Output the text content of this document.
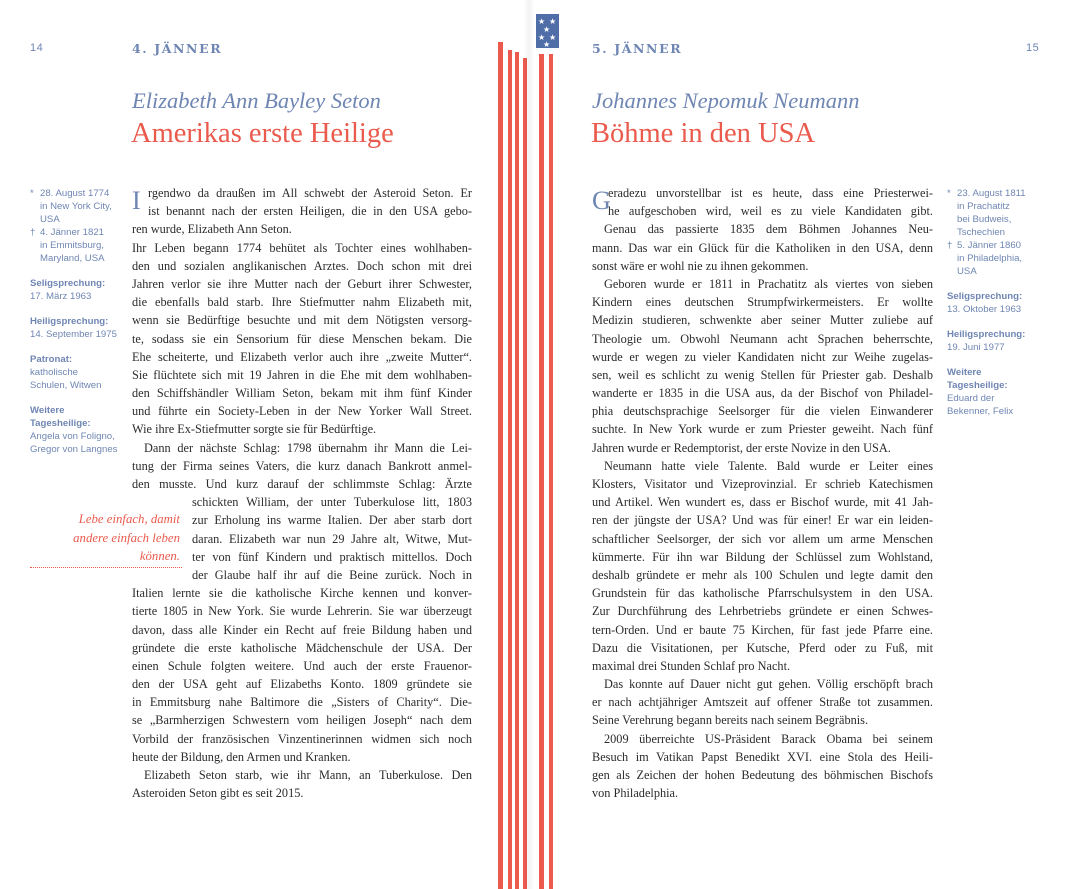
★ ★
★
★ ★
★
14	4. JÄNNER
Elizabeth Ann Bayley Seton
Amerikas erste Heilige
* 28. August 1774
in New York City,
USA
† 4. Jänner 1821
in Emmitsburg,
Maryland, USA
Seligsprechung:
17. März 1963
Heiligsprechung:
14. September 1975
Patronat:
katholische
Schulen, Witwen
Weitere
Tagesheilige:
Angela von Foligno,
Gregor von Langnes
I rgendwo da draußen im All schwebt der Asteroid Seton. Er
ist benannt nach der ersten Heiligen, die in den USA gebo-
ren wurde, Elizabeth Ann Seton.
Ihr Leben begann 1774 behütet als Tochter eines wohlhaben-
den und sozialen anglikanischen Arztes. Doch schon mit drei
Jahren verlor sie ihre Mutter nach der Geburt ihrer Schwester,
die ebenfalls bald starb. Ihre Stiefmutter nahm Elizabeth mit,
wenn sie Bedürftige besuchte und mit dem Nötigsten versorg-
te, sodass sie ein Sensorium für diese Menschen bekam. Die
Ehe scheiterte, und Elizabeth verlor auch ihre „zweite Mutter“.
Sie flüchtete sich mit 19 Jahren in die Ehe mit dem wohlhaben-
den Schiffshändler William Seton, bekam mit ihm fünf Kinder
und führte ein Society-Leben in der New Yorker Wall Street.
Wie ihre Ex-Stiefmutter sorgte sie für Bedürftige.
Dann der nächste Schlag: 1798 übernahm ihr Mann die Lei-
tung der Firma seines Vaters, die kurz danach Bankrott anmel-
den musste. Und kurz darauf der schlimmste Schlag: Ärzte
schickten William, der unter Tuberkulose litt, 1803
zur Erholung ins warme Italien. Der aber starb dort
daran. Elizabeth war nun 29 Jahre alt, Witwe, Mut-
ter von fünf Kindern und praktisch mittellos. Doch
der Glaube half ihr auf die Beine zurück. Noch in
Italien lernte sie die katholische Kirche kennen und konver-
tierte 1805 in New York. Sie wurde Lehrerin. Sie war überzeugt
davon, dass alle Kinder ein Recht auf freie Bildung haben und
gründete die erste katholische Mädchenschule der USA. Der
einen Schule folgten weitere. Und auch der erste Frauenor-
den der USA geht auf Elizabeths Konto. 1809 gründete sie
in Emmitsburg nahe Baltimore die „Sisters of Charity“. Die-
se „Barmherzigen Schwestern vom heiligen Joseph“ nach dem
Vorbild der französischen Vinzentinerinnen widmen sich noch
heute der Bildung, den Armen und Kranken.
Elizabeth Seton starb, wie ihr Mann, an Tuberkulose. Den
Asteroiden Seton gibt es seit 2015.
Lebe einfach, damit
andere einfach leben
können.
5. JÄNNER	15
Johannes Nepomuk Neumann
Böhme in den USA
G
eradezu unvorstellbar ist es heute, dass eine Priesterwei-
he aufgeschoben wird, weil es zu viele Kandidaten gibt.
Genau das passierte 1835 dem Böhmen Johannes Neu-
mann. Das war ein Glück für die Katholiken in den USA, denn
sonst wäre er wohl nie zu ihnen gekommen.
Geboren wurde er 1811 in Prachatitz als viertes von sieben
Kindern eines deutschen Strumpfwirkermeisters. Er wollte
Medizin studieren, schwenkte aber seiner Mutter zuliebe auf
Theologie um. Obwohl Neumann acht Sprachen beherrschte,
wurde er wegen zu vieler Kandidaten nicht zur Weihe zugelas-
sen, weil es schlicht zu wenig Stellen für Priester gab. Deshalb
wanderte er 1835 in die USA aus, da der Bischof von Philadel-
phia deutschsprachige Seelsorger für die vielen Einwanderer
suchte. In New York wurde er zum Priester geweiht. Nach fünf
Jahren wurde er Redemptorist, der erste Novize in den USA.
Neumann hatte viele Talente. Bald wurde er Leiter eines
Klosters, Visitator und Vizeprovinzial. Er schrieb Katechismen
und Artikel. Wen wundert es, dass er Bischof wurde, mit 41 Jah-
ren der jüngste der USA? Und was für einer! Er war ein leiden-
schaftlicher Seelsorger, der sich vor allem um arme Menschen
kümmerte. Für ihn war Bildung der Schlüssel zum Wohlstand,
deshalb gründete er mehr als 100 Schulen und legte damit den
Grundstein für das katholische Pfarrschulsystem in den USA.
Zur Durchführung des Lehrbetriebs gründete er einen Schwes-
tern-Orden. Und er baute 75 Kirchen, für fast jede Pfarre eine.
Dazu die Visitationen, per Kutsche, Pferd oder zu Fuß, mit
maximal drei Stunden Schlaf pro Nacht.
Das konnte auf Dauer nicht gut gehen. Völlig erschöpft brach
er nach achtjähriger Amtszeit auf offener Straße tot zusammen.
Seine Verehrung begann bereits nach seinem Begräbnis.
2009 überreichte US-Präsident Barack Obama bei seinem
Besuch im Vatikan Papst Benedikt XVI. eine Stola des Heili-
gen als Zeichen der hohen Bedeutung des böhmischen Bischofs
von Philadelphia.
* 23. August 1811
in Prachatitz
bei Budweis,
Tschechien
† 5. Jänner 1860
in Philadelphia,
USA
Seligsprechung:
13. Oktober 1963
Heiligsprechung:
19. Juni 1977
Weitere
Tagesheilige:
Eduard der
Bekenner, Felix
